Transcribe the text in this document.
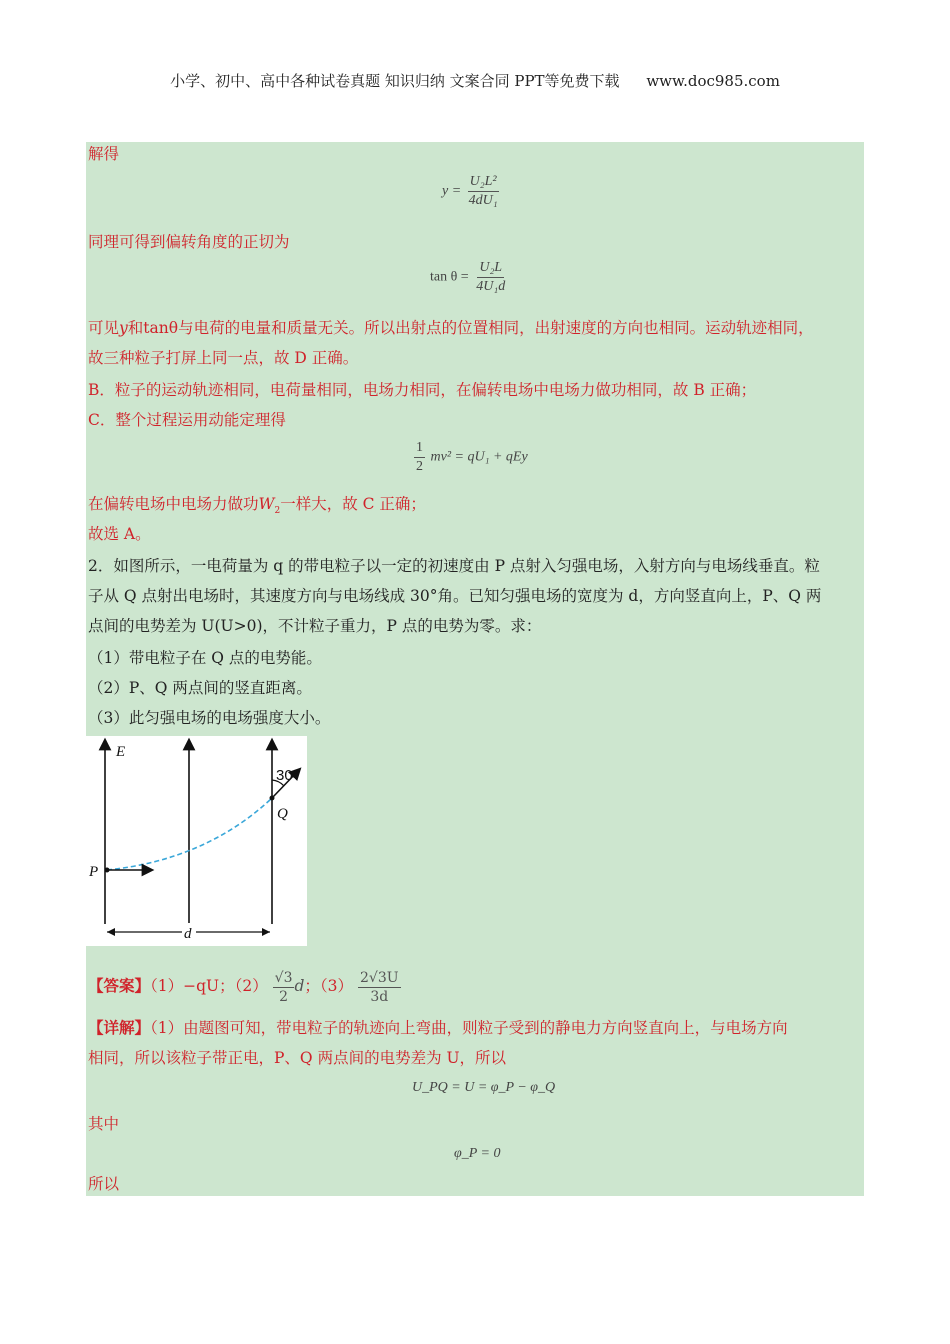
小学、初中、高中各种试卷真题 知识归纳 文案合同 PPT等免费下载 www.doc985.com
解得
$y = \frac{\text{U₂L²}}{\text{4dU₁}}$
同理可得到偏转角度的正切为
$\tan \theta = \frac{\text{U₂L}}{\text{4U₁d}}$
可见y和tanθ与电荷的电量和质量无关。所以出射点的位置相同，出射速度的方向也相同。运动轨迹相同，
故三种粒子打屏上同一点，故 D 正确。
B．粒子的运动轨迹相同，电荷量相同，电场力相同，在偏转电场中电场力做功相同，故 B 正确；
C．整个过程运用动能定理得
$\frac{1}{2} mv^2 = qU_1$ + qEy
在偏转电场中电场力做功$W_2$一样大，故 C 正确；
故选 A。
2．如图所示，一电荷量为 q 的带电粒子以一定的初速度由 P 点射入匀强电场，入射方向与电场线垂直。粒
子从 Q 点射出电场时，其速度方向与电场线成 30°角。已知匀强电场的宽度为 d，方向竖直向上，P、Q 两
点间的电势差为 U(U>0)，不计粒子重力，P 点的电势为零。求：
（1）带电粒子在 Q 点的电势能。
（2）P、Q 两点间的竖直距离。
（3）此匀强电场的电场强度大小。
E
30°
Q
P
d
【答案】（1）−qU；$(2) \frac{√3}{2}$ d；$(3) \frac{2√3U}{3d}$
【详解】（1）由题图可知，带电粒子的轨迹向上弯曲，则粒子受到的静电力方向竖直向上，与电场方向
相同，所以该粒子带正电，P、Q 两点间的电势差为 U，所以
U_PQ = U = φ_P − φ_Q
其中
φ_P = 0
所以
